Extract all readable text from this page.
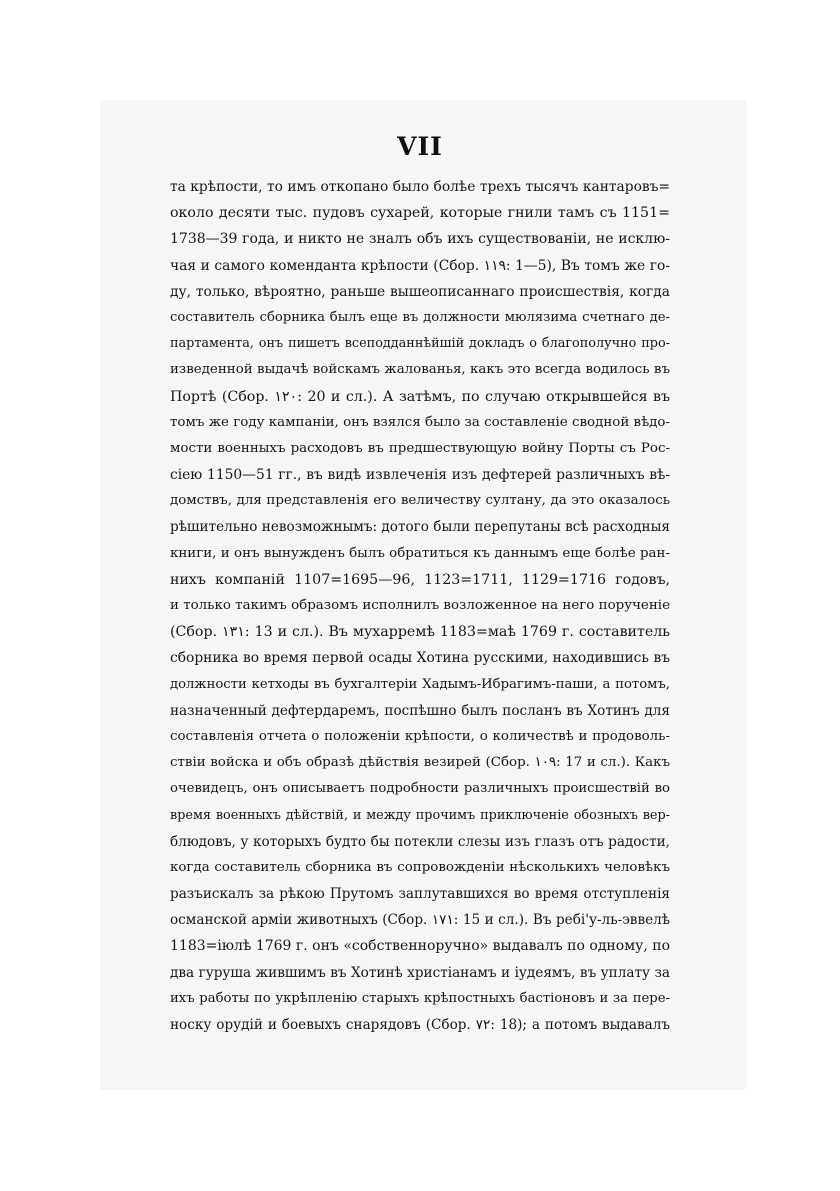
VII
та крѣпости, то имъ откопано было болѣе трехъ тысячъ кантаровъ=
около десяти тыс. пудовъ сухарей, которые гнили тамъ съ 1151=
1738—39 года, и никто не зналъ объ ихъ существованіи, не исклю-
чая и самого коменданта крѣпости (Сбор. ۱۱۹: 1—5), Въ томъ же го-
ду, только, вѣроятно, раньше вышеописаннаго происшествія, когда
составитель сборника былъ еще въ должности мюлязима счетнаго де-
партамента, онъ пишетъ всеподданнѣйшій докладъ о благополучно про-
изведенной выдачѣ войскамъ жалованья, какъ это всегда водилось въ
Портѣ (Сбор. ۱۲۰: 20 и сл.). А затѣмъ, по случаю открывшейся въ
томъ же году кампаніи, онъ взялся было за составленіе сводной вѣдо-
мости военныхъ расходовъ въ предшествующую войну Порты съ Рос-
сіею 1150—51 гг., въ видѣ извлеченія изъ дефтерей различныхъ вѣ-
домствъ, для представленія его величеству султану, да это оказалось
рѣшительно невозможнымъ: дотого были перепутаны всѣ расходныя
книги, и онъ вынужденъ былъ обратиться къ даннымъ еще болѣе ран-
нихъ компаній 1107=1695—96, 1123=1711, 1129=1716 годовъ,
и только такимъ образомъ исполнилъ возложенное на него порученіе
(Сбор. ۱۳۱: 13 и сл.). Въ мухарремѣ 1183=маѣ 1769 г. составитель
сборника во время первой осады Хотина русскими, находившись въ
должности кетходы въ бухгалтеріи Хадымъ-Ибрагимъ-паши, а потомъ,
назначенный дефтердаремъ, поспѣшно былъ посланъ въ Хотинъ для
составленія отчета о положеніи крѣпости, о количествѣ и продоволь-
ствіи войска и объ образѣ дѣйствія везирей (Сбор. ۱۰۹: 17 и сл.). Какъ
очевидецъ, онъ описываетъ подробности различныхъ происшествій во
время военныхъ дѣйствій, и между прочимъ приключеніе обозныхъ вер-
блюдовъ, у которыхъ будто бы потекли слезы изъ глазъ отъ радости,
когда составитель сборника въ сопровожденіи нѣсколькихъ человѣкъ
разъискалъ за рѣкою Прутомъ заплутавшихся во время отступленія
османской арміи животныхъ (Сбор. ۱۷۱: 15 и сл.). Въ ребі'у-ль-эввелѣ
1183=іюлѣ 1769 г. онъ «собственноручно» выдавалъ по одному, по
два гуруша жившимъ въ Хотинѣ христіанамъ и іудеямъ, въ уплату за
ихъ работы по укрѣпленію старыхъ крѣпостныхъ бастіоновъ и за пере-
носку орудій и боевыхъ снарядовъ (Сбор. ۷۲: 18); а потомъ выдавалъ
